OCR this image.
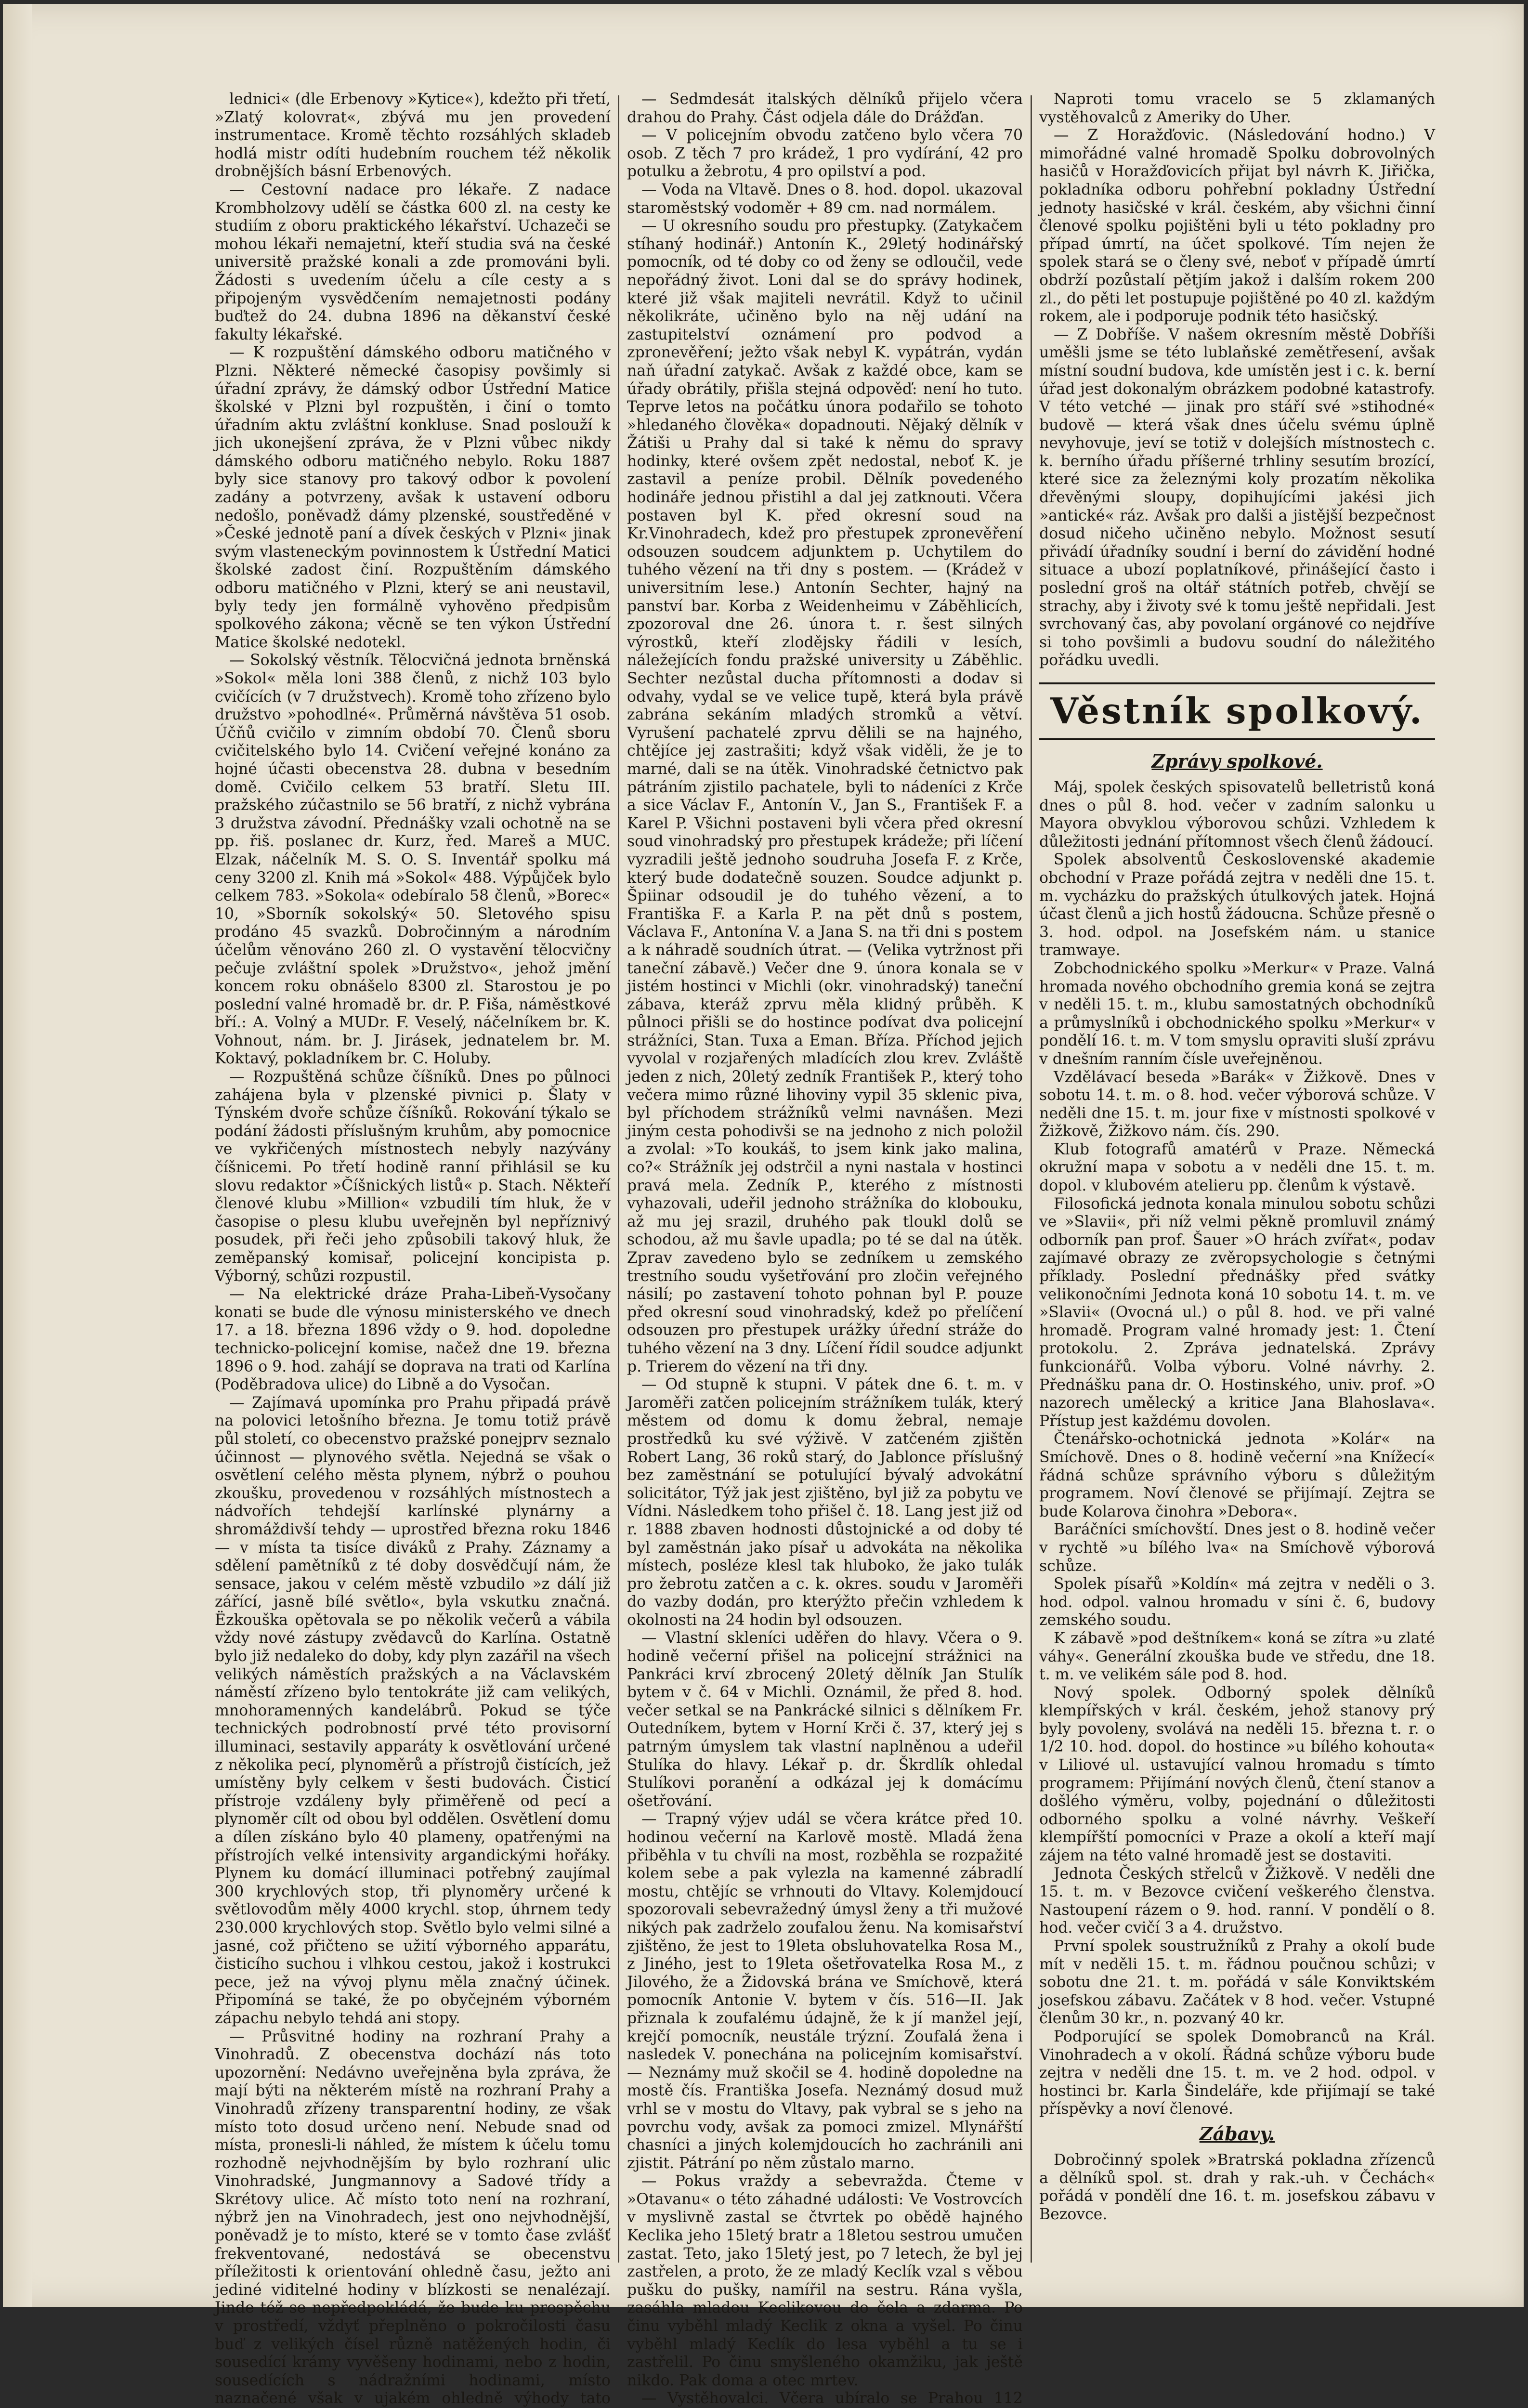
lednici« (dle Erbenovy »Kytice«), kdežto při třetí, »Zlatý kolovrat«, zbývá mu jen provedení instrumentace. Kromě těchto rozsáhlých skladeb hodlá mistr odíti hudebním rouchem též několik drobnějších básní Erbenových.

— Cestovní nadace pro lékaře. Z nadace Krombholzovy udělí se částka 600 zl. na cesty ke studiím z oboru praktického lékařství. Uchazeči se mohou lékaři nemajetní, kteří studia svá na české universitě pražské konali a zde promováni byli. Žádosti s uvedením účelu a cíle cesty a s připojeným vysvědčením nemajetnosti podány buďtež do 24. dubna 1896 na děkanství české fakulty lékařské.

— K rozpuštění dámského odboru matičného v Plzni. Některé německé časopisy povšimly si úřadní zprávy, že dámský odbor Ústřední Matice školské v Plzni byl rozpuštěn, i činí o tomto úřadním aktu zvláštní konkluse. Snad poslouží k jich ukonejšení zpráva, že v Plzni vůbec nikdy dámského odboru matičného nebylo. Roku 1887 byly sice stanovy pro takový odbor k povolení zadány a potvrzeny, avšak k ustavení odboru nedošlo, poněvadž dámy plzenské, soustředěné v »České jednotě paní a dívek českých v Plzni« jinak svým vlasteneckým povinnostem k Ústřední Matici školské zadost činí. Rozpuštěním dámského odboru matičného v Plzni, který se ani neustavil, byly tedy jen formálně vyhověno předpisům spolkového zákona; věcně se ten výkon Ústřední Matice školské nedotekl.

— Sokolský věstník. Tělocvičná jednota brněnská »Sokol« měla loni 388 členů, z nichž 103 bylo cvičících (v 7 družstvech). Kromě toho zřízeno bylo družstvo »pohodlné«. Průměrná návštěva 51 osob. Účňů cvičilo v zimním období 70. Členů sboru cvičitelského bylo 14. Cvičení veřejné konáno za hojné účasti obecenstva 28. dubna v besedním domě. Cvičilo celkem 53 bratří. Sletu III. pražského zúčastnilo se 56 bratří, z nichž vybrána 3 družstva závodní. Přednášky vzali ochotně na se pp. řiš. poslanec dr. Kurz, řed. Mareš a MUC. Elzak, náčelník M. S. O. S. Inventář spolku má ceny 3200 zl. Knih má »Sokol« 488. Výpůjček bylo celkem 783. »Sokola« odebíralo 58 členů, »Borec« 10, »Sborník sokolský« 50. Sletového spisu prodáno 45 svazků. Dobročinným a národním účelům věnováno 260 zl. O vystavění tělocvičny pečuje zvláštní spolek »Družstvo«, jehož jmění koncem roku obnášelo 8300 zl. Starostou je po poslední valné hromadě br. dr. P. Fiša, náměstkové bří.: A. Volný a MUDr. F. Veselý, náčelníkem br. K. Vohnout, nám. br. J. Jirásek, jednatelem br. M. Koktavý, pokladníkem br. C. Holuby.

— Rozpuštěná schůze číšníků. Dnes po půlnoci zahájena byla v plzenské pivnici p. Šlaty v Týnském dvoře schůze číšníků. Rokování týkalo se podání žádosti příslušným kruhům, aby pomocnice ve vykřičených místnostech nebyly nazývány číšnicemi. Po třetí hodině ranní přihlásil se ku slovu redaktor »Číšnických listů« p. Stach. Někteří členové klubu »Million« vzbudili tím hluk, že v časopise o plesu klubu uveřejněn byl nepříznivý posudek, při řeči jeho způsobili takový hluk, že zeměpanský komisař, policejní koncipista p. Výborný, schůzi rozpustil.

— Na elektrické dráze Praha-Libeň-Vysočany konati se bude dle výnosu ministerského ve dnech 17. a 18. března 1896 vždy o 9. hod. dopoledne technicko-policejní komise, načež dne 19. března 1896 o 9. hod. zahájí se doprava na trati od Karlína (Poděbradova ulice) do Libně a do Vysočan.

— Zajímavá upomínka pro Prahu připadá právě na polovici letošního března. Je tomu totiž právě půl století, co obecenstvo pražské ponejprv seznalo účinnost — plynového světla. Nejedná se však o osvětlení celého města plynem, nýbrž o pouhou zkoušku, provedenou v rozsáhlých místnostech a nádvořích tehdejší karlínské plynárny a shromáždivší tehdy — uprostřed března roku 1846 — v místa ta tisíce diváků z Prahy. Záznamy a sdělení pamětníků z té doby dosvědčují nám, že sensace, jakou v celém městě vzbudilo »z dálí již zářící, jasně bílé světlo«, byla vskutku značná. Ëzkouška opětovala se po několik večerů a vábila vždy nové zástupy zvědavců do Karlína. Ostatně bylo již nedaleko do doby, kdy plyn zazářil na všech velikých náměstích pražských a na Václavském náměstí zřízeno bylo tentokráte již cam velikých, mnohoramenných kandelábrů. Pokud se týče technických podrobností prvé této provisorní illuminaci, sestavily apparáty k osvětlování určené z několika pecí, plynoměrů a přístrojů čistících, jež umístěny byly celkem v šesti budovách. Čisticí přístroje vzdáleny byly přiměřeně od pecí a plynoměr cílt od obou byl oddělen. Osvětlení domu a dílen získáno bylo 40 plameny, opatřenými na přístrojích velké intensivity argandickými hořáky. Plynem ku domácí illuminaci potřebný zaujímal 300 krychlových stop, tři plynoměry určené k světlovodům měly 4000 krychl. stop, úhrnem tedy 230.000 krychlových stop. Světlo bylo velmi silné a jasné, což přičteno se užití výborného apparátu, čisticího suchou i vlhkou cestou, jakož i kostrukci pece, jež na vývoj plynu měla značný účinek. Připomíná se také, že po obyčejném výborném zápachu nebylo tehdá ani stopy.

— Průsvitné hodiny na rozhraní Prahy a Vinohradů. Z obecenstva dochází nás toto upozornění: Nedávno uveřejněna byla zpráva, že mají býti na některém místě na rozhraní Prahy a Vinohradů zřízeny transparentní hodiny, ze však místo toto dosud určeno není. Nebude snad od místa, pronesli-li náhled, že místem k účelu tomu rozhodně nejvhodnějším by bylo rozhraní ulic Vinohradské, Jungmannovy a Sadové třídy a Skrétovy ulice. Ač místo toto není na rozhraní, nýbrž jen na Vinohradech, jest ono nejvhodnější, poněvadž je to místo, které se v tomto čase zvlášť frekventované, nedostává se obecenstvu příležitosti k orientování ohledně času, ježto ani jediné viditelné hodiny v blízkosti se nenalézají. Jinde též se nepředpokládá, že bude ku prospěchu v prostředí, vždyť přeplněno o pokročilosti času buď z velikých čísel různě natěžených hodin, či sousedící krámy vyvěšeny hodinami, nebo z hodin, sousedících s nádražními hodinami, místo naznačené však v ujakém ohledně výhody tato

— Sedmdesát italských dělníků přijelo včera drahou do Prahy. Část odjela dále do Drážďan.

— V policejním obvodu zatčeno bylo včera 70 osob. Z těch 7 pro krádež, 1 pro vydírání, 42 pro potulku a žebrotu, 4 pro opilství a pod.

— Voda na Vltavě. Dnes o 8. hod. dopol. ukazoval staroměstský vodoměr + 89 cm. nad normálem.

— U okresního soudu pro přestupky. (Zatykačem stíhaný hodinář.) Antonín K., 29letý hodinářský pomocník, od té doby co od ženy se odloučil, vede nepořádný život. Loni dal se do správy hodinek, které již však majiteli nevrátil. Když to učinil několikráte, učiněno bylo na něj udání na zastupitelství oznámení pro podvod a zpronevěření; ježto však nebyl K. vypátrán, vydán naň úřadní zatykač. Avšak z každé obce, kam se úřady obrátily, přišla stejná odpověď: není ho tuto. Teprve letos na počátku února podařilo se tohoto »hledaného člověka« dopadnouti. Nějaký dělník v Žátiši u Prahy dal si také k němu do spravy hodinky, které ovšem zpět nedostal, neboť K. je zastavil a peníze probil. Dělník povedeného hodináře jednou přistihl a dal jej zatknouti. Včera postaven byl K. před okresní soud na Kr.Vinohradech, kdež pro přestupek zpronevěření odsouzen soudcem adjunktem p. Uchytilem do tuhého vězení na tři dny s postem. — (Krádež v universitním lese.) Antonín Sechter, hajný na panství bar. Korba z Weidenheimu v Záběhlicích, zpozoroval dne 26. února t. r. šest silných výrostků, kteří zlodějsky řádili v lesích, náležejících fondu pražské university u Záběhlic. Sechter nezůstal ducha přítomnosti a dodav si odvahy, vydal se ve velice tupě, která byla právě zabrána sekáním mladých stromků a větví. Vyrušení pachatelé zprvu dělili se na hajného, chtějíce jej zastrašiti; když však viděli, že je to marné, dali se na útěk. Vinohradské četnictvo pak pátráním zjistilo pachatele, byli to nádeníci z Krče a sice Václav F., Antonín V., Jan S., František F. a Karel P. Všichni postaveni byli včera před okresní soud vinohradský pro přestupek krádeže; při líčení vyzradili ještě jednoho soudruha Josefa F. z Krče, který bude dodatečně souzen. Soudce adjunkt p. Špiinar odsoudil je do tuhého vězení, a to Františka F. a Karla P. na pět dnů s postem, Václava F., Antonína V. a Jana S. na tři dni s postem a k náhradě soudních útrat. — (Velika vytržnost při taneční zábavě.) Večer dne 9. února konala se v jistém hostinci v Michli (okr. vinohradský) taneční zábava, kteráž zprvu měla klidný průběh. K půlnoci přišli se do hostince podívat dva policejní strážníci, Stan. Tuxa a Eman. Bříza. Příchod jejich vyvolal v rozjařených mladících zlou krev. Zvláště jeden z nich, 20letý zedník František P., který toho večera mimo různé lihoviny vypil 35 sklenic piva, byl příchodem strážníků velmi navnášen. Mezi jiným cesta pohodivši se na jednoho z nich položil a zvolal: »To koukáš, to jsem kink jako malina, co?« Strážník jej odstrčil a nyni nastala v hostinci pravá mela. Zedník P., kterého z místnosti vyhazovali, udeřil jednoho strážníka do klobouku, až mu jej srazil, druhého pak tloukl dolů se schodou, až mu šavle upadla; po té se dal na útěk. Zprav zavedeno bylo se zedníkem u zemského trestního soudu vyšetřování pro zločin veřejného násilí; po zastavení tohoto pohnan byl P. pouze před okresní soud vinohradský, kdež po přelíčení odsouzen pro přestupek urážky úřední stráže do tuhého vězení na 3 dny. Líčení řídil soudce adjunkt p. Trierem do vězení na tři dny.

— Od stupně k stupni. V pátek dne 6. t. m. v Jaroměři zatčen policejním strážníkem tulák, který městem od domu k domu žebral, nemaje prostředků ku své výživě. V zatčeném zjištěn Robert Lang, 36 roků starý, do Jablonce příslušný bez zaměstnání se potulující bývalý advokátní solicitátor, Týž jak jest zjištěno, byl již za pobytu ve Vídni. Následkem toho přišel č. 18. Lang jest již od r. 1888 zbaven hodnosti důstojnické a od doby té byl zaměstnán jako písař u advokáta na několika místech, posléze klesl tak hluboko, že jako tulák pro žebrotu zatčen a c. k. okres. soudu v Jaroměři do vazby dodán, pro kterýžto přečin vzhledem k okolnosti na 24 hodin byl odsouzen.

— Vlastní skleníci uděřen do hlavy. Včera o 9. hodině večerní přišel na policejní strážnici na Pankráci krví zbrocený 20letý dělník Jan Stulík bytem v č. 64 v Michli. Oznámil, že před 8. hod. večer setkal se na Pankrácké silnici s dělníkem Fr. Outedníkem, bytem v Horní Krči č. 37, který jej s patrným úmyslem tak vlastní naplněnou a udeřil Stulíka do hlavy. Lékař p. dr. Škrdlík ohledal Stulíkovi poranění a odkázal jej k domácímu ošetřování.

— Trapný výjev udál se včera krátce před 10. hodinou večerní na Karlově mostě. Mladá žena přiběhla v tu chvíli na most, rozběhla se rozpažité kolem sebe a pak vylezla na kamenné zábradlí mostu, chtějíc se vrhnouti do Vltavy. Kolemjdoucí spozorovali sebevražedný úmysl ženy a tři mužové nikých pak zadrželo zoufalou ženu. Na komisařství zjištěno, že jest to 19leta obsluhovatelka Rosa M., z Jiného, jest to 19leta ošetřovatelka Rosa M., z Jilového, že a Židovská brána ve Smíchově, která pomocník Antonie V. bytem v čís. 516—II. Jak přiznala k zoufalému údajně, že k jí manžel její, krejčí pomocník, neustále trýzní. Zoufalá žena i nasledek V. ponechána na policejním komisařství. — Neznámy muž skočil se 4. hodině dopoledne na mostě čís. Františka Josefa. Neznámý dosud muž vrhl se v mostu do Vltavy, pak vybral se s jeho na povrchu vody, avšak za pomoci zmizel. Mlynářští chasníci a jiných kolemjdoucích ho zachránili ani zjistit. Pátrání po něm zůstalo marno.

— Pokus vraždy a sebevražda. Čteme v »Otavanu« o této záhadné události: Ve Vostrovcích v myslivně zastal se čtvrtek po obědě hajného Keclika jeho 15letý bratr a 18letou sestrou umučen zastat. Teto, jako 15letý jest, po 7 letech, že byl jej zastřelen, a proto, že ze mladý Keclík vzal s věbou pušku do pušky, namířil na sestru. Rána vyšla, zasáhla mladou Keclikovou do čela a zdarma. Po činu vyběhl mladý Keclik z okna a vyšel. Po činu vyběhl mladý Keclík do lesa vyběhl a tu se i zastřelil. Po činu smyšleného okamžiku, jak ještě nikdo. Pak doma a otec mrtev.

— Vystěhovalci. Včera ubíralo se Prahou 112

Naproti tomu vracelo se 5 zklamaných vystěhovalců z Ameriky do Uher.

— Z Horažďovic. (Následování hodno.) V mimořádné valné hromadě Spolku dobrovolných hasičů v Horažďovicích přijat byl návrh K. Jiřička, pokladníka odboru pohřební pokladny Ústřední jednoty hasičské v král. českém, aby všichni činní členové spolku pojištěni byli u této pokladny pro případ úmrtí, na účet spolkové. Tím nejen že spolek stará se o členy své, neboť v případě úmrtí obdrží pozůstalí pětjím jakož i dalším rokem 200 zl., do pěti let postupuje pojištěné po 40 zl. každým rokem, ale i podporuje podnik této hasičský.

— Z Dobříše. V našem okresním městě Dobříši uměšli jsme se této lublaňské zemětřesení, avšak místní soudní budova, kde umístěn jest i c. k. berní úřad jest dokonalým obrázkem podobné katastrofy. V této vetché — jinak pro stáří své »stihodné« budově — která však dnes účelu svému úplně nevyhovuje, jeví se totiž v dolejších místnostech c. k. berního úřadu příšerné trhliny sesutím brozící, které sice za železnými koly prozatím několika dřevěnými sloupy, dopihujícími jakési jich »antické« ráz. Avšak pro dalši a jistější bezpečnost dosud ničeho učiněno nebylo. Možnost sesutí přivádí úřadníky soudní i berní do závidění hodné situace a ubozí poplatníkové, přinášející často i poslední groš na oltář státních potřeb, chvějí se strachy, aby i životy své k tomu ještě nepřidali. Jest svrchovaný čas, aby povolaní orgánové co nejdříve si toho povšimli a budovu soudní do náležitého pořádku uvedli.

Věstník spolkový.
Zprávy spolkové.

Máj, spolek českých spisovatelů belletristů koná dnes o půl 8. hod. večer v zadním salonku u Mayora obvyklou výborovou schůzi. Vzhledem k důležitosti jednání přítomnost všech členů žádoucí.

Spolek absolventů Československé akademie obchodní v Praze pořádá zejtra v neděli dne 15. t. m. vycházku do pražských útulkových jatek. Hojná účast členů a jich hostů žádoucna. Schůze přesně o 3. hod. odpol. na Josefském nám. u stanice tramwaye.

Zobchodnického spolku »Merkur« v Praze. Valná hromada nového obchodního gremia koná se zejtra v neděli 15. t. m., klubu samostatných obchodníků a průmyslníků i obchodnického spolku »Merkur« v pondělí 16. t. m. V tom smyslu opraviti sluší zprávu v dnešním ranním čísle uveřejněnou.

Vzdělávací beseda »Barák« v Žižkově. Dnes v sobotu 14. t. m. o 8. hod. večer výborová schůze. V neděli dne 15. t. m. jour fixe v místnosti spolkové v Žižkově, Žižkovo nám. čís. 290.

Klub fotografů amatérů v Praze. Německá okružní mapa v sobotu a v neděli dne 15. t. m. dopol. v klubovém atelieru pp. členům k výstavě.

Filosofická jednota konala minulou sobotu schůzi ve »Slavii«, při níž velmi pěkně promluvil známý odborník pan prof. Šauer »O hrách zvířat«, podav zajímavé obrazy ze zvěropsychologie s četnými příklady. Poslední přednášky před svátky velikonočními Jednota koná 10 sobotu 14. t. m. ve »Slavii« (Ovocná ul.) o půl 8. hod. ve při valné hromadě. Program valné hromady jest: 1. Čtení protokolu. 2. Zpráva jednatelská. Zprávy funkcionářů. Volba výboru. Volné návrhy. 2. Přednášku pana dr. O. Hostinského, univ. prof. »O nazorech umělecký a kritice Jana Blahoslava«. Přístup jest každému dovolen.

Čtenářsko-ochotnická jednota »Kolár« na Smíchově. Dnes o 8. hodině večerní »na Knížecí« řádná schůze správního výboru s důležitým programem. Noví členové se přijímají. Zejtra se bude Kolarova činohra »Debora«.

Baráčníci smíchovští. Dnes jest o 8. hodině večer v rychtě »u bílého lva« na Smíchově výborová schůze.

Spolek písařů »Koldín« má zejtra v neděli o 3. hod. odpol. valnou hromadu v síni č. 6, budovy zemského soudu.

K zábavě »pod deštníkem« koná se zítra »u zlaté váhy«. Generální zkouška bude ve středu, dne 18. t. m. ve velikém sále pod 8. hod.

Nový spolek. Odborný spolek dělníků klempířských v král. českém, jehož stanovy prý byly povoleny, svolává na neděli 15. března t. r. o 1/2 10. hod. dopol. do hostince »u bílého kohouta« v Liliové ul. ustavující valnou hromadu s tímto programem: Přijímání nových členů, čtení stanov a došlého výměru, volby, pojednání o důležitosti odborného spolku a volné návrhy. Veškeří klempířští pomocníci v Praze a okolí a kteří mají zájem na této valné hromadě jest se dostaviti.

Jednota Českých střelců v Žižkově. V neděli dne 15. t. m. v Bezovce cvičení veškerého členstva. Nastoupení rázem o 9. hod. ranní. V pondělí o 8. hod. večer cvičí 3 a 4. družstvo.

První spolek soustružníků z Prahy a okolí bude mít v neděli 15. t. m. řádnou poučnou schůzi; v sobotu dne 21. t. m. pořádá v sále Konviktském josefskou zábavu. Začátek v 8 hod. večer. Vstupné členům 30 kr., n. pozvaný 40 kr.

Podporující se spolek Domobranců na Král. Vinohradech a v okolí. Řádná schůze výboru bude zejtra v neděli dne 15. t. m. ve 2 hod. odpol. v hostinci br. Karla Šindeláře, kde přijímají se také příspěvky a noví členové.

Zábavy.

Dobročinný spolek »Bratrská pokladna zřízenců a dělníků spol. st. drah y rak.-uh. v Čechách« pořádá v pondělí dne 16. t. m. josefskou zábavu v Bezovce.
